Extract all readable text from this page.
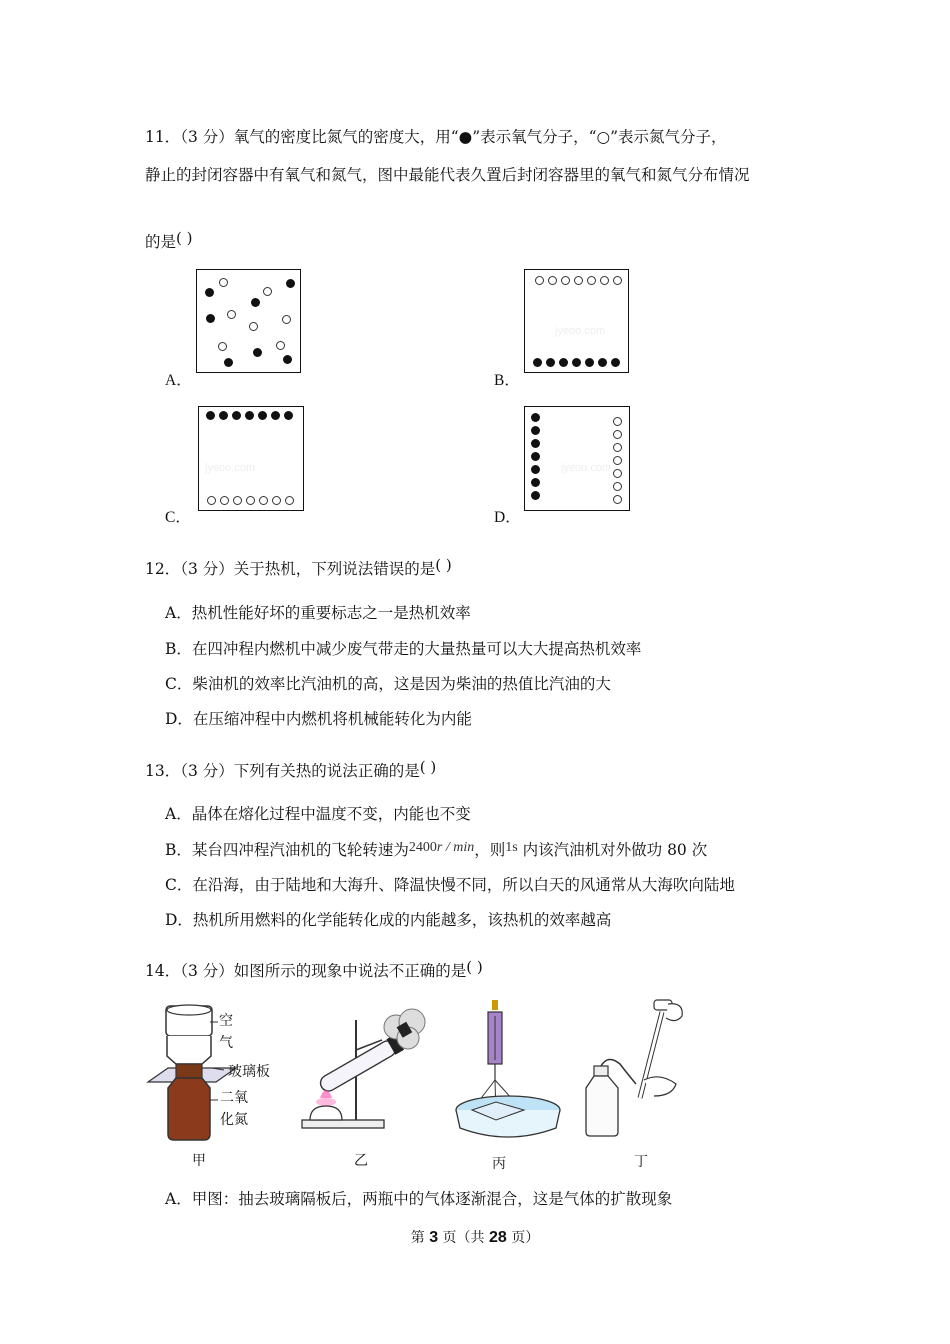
11．（3 分）氧气的密度比氮气的密度大，用“●”表示氧气分子，“○”表示氮气分子，
静止的封闭容器中有氧气和氮气，图中最能代表久置后封闭容器里的氧气和氮气分布情况
的是( )
A．
jyeoo.com
B．
jyeoo.com
C．
jyeoo.com
D．
12．（3 分）关于热机，下列说法错误的是( )
A．热机性能好坏的重要标志之一是热机效率
B．在四冲程内燃机中减少废气带走的大量热量可以大大提高热机效率
C．柴油机的效率比汽油机的高，这是因为柴油的热值比汽油的大
D．在压缩冲程中内燃机将机械能转化为内能
13．（3 分）下列有关热的说法正确的是( )
A．晶体在熔化过程中温度不变，内能也不变
B．某台四冲程汽油机的飞轮转速为2400r / min，则1s 内该汽油机对外做功 80 次
C．在沿海，由于陆地和大海升、降温快慢不同，所以白天的风通常从大海吹向陆地
D．热机所用燃料的化学能转化成的内能越多，该热机的效率越高
14．（3 分）如图所示的现象中说法不正确的是( )
空
气
玻璃板
二氧
化氮
甲	乙	丙	丁
A．甲图：抽去玻璃隔板后，两瓶中的气体逐渐混合，这是气体的扩散现象
第 3 页（共 28 页）
